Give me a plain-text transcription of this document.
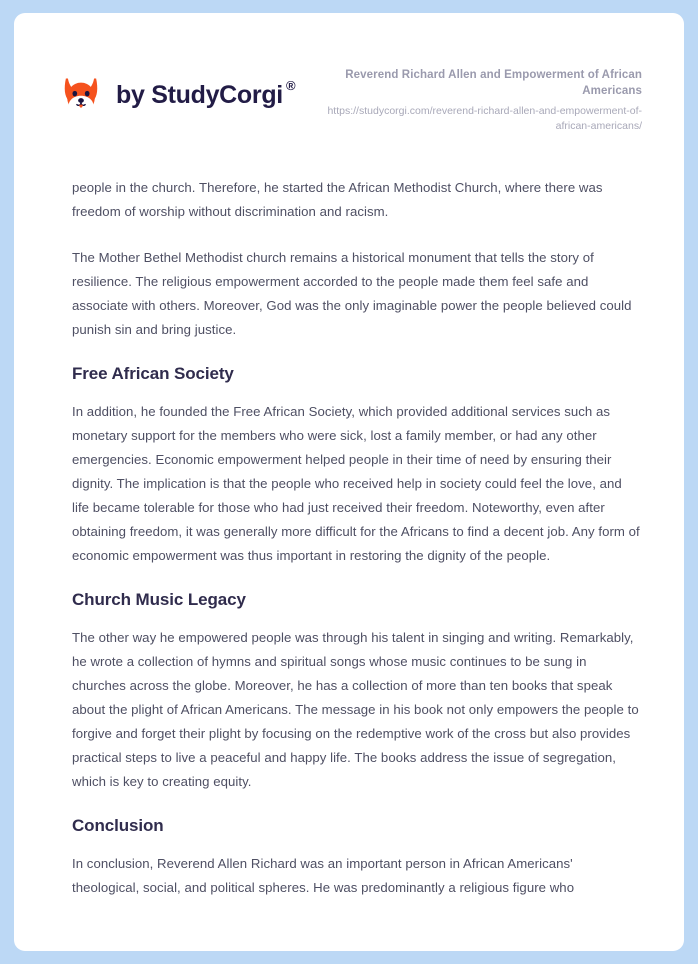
by StudyCorgi ®

Reverend Richard Allen and Empowerment of African Americans

https://studycorgi.com/reverend-richard-allen-and-empowerment-of-african-americans/

people in the church. Therefore, he started the African Methodist Church, where there was freedom of worship without discrimination and racism.

The Mother Bethel Methodist church remains a historical monument that tells the story of resilience. The religious empowerment accorded to the people made them feel safe and associate with others. Moreover, God was the only imaginable power the people believed could punish sin and bring justice.

Free African Society

In addition, he founded the Free African Society, which provided additional services such as monetary support for the members who were sick, lost a family member, or had any other emergencies. Economic empowerment helped people in their time of need by ensuring their dignity. The implication is that the people who received help in society could feel the love, and life became tolerable for those who had just received their freedom. Noteworthy, even after obtaining freedom, it was generally more difficult for the Africans to find a decent job. Any form of economic empowerment was thus important in restoring the dignity of the people.

Church Music Legacy

The other way he empowered people was through his talent in singing and writing. Remarkably, he wrote a collection of hymns and spiritual songs whose music continues to be sung in churches across the globe. Moreover, he has a collection of more than ten books that speak about the plight of African Americans. The message in his book not only empowers the people to forgive and forget their plight by focusing on the redemptive work of the cross but also provides practical steps to live a peaceful and happy life. The books address the issue of segregation, which is key to creating equity.

Conclusion

In conclusion, Reverend Allen Richard was an important person in African Americans' theological, social, and political spheres. He was predominantly a religious figure who
